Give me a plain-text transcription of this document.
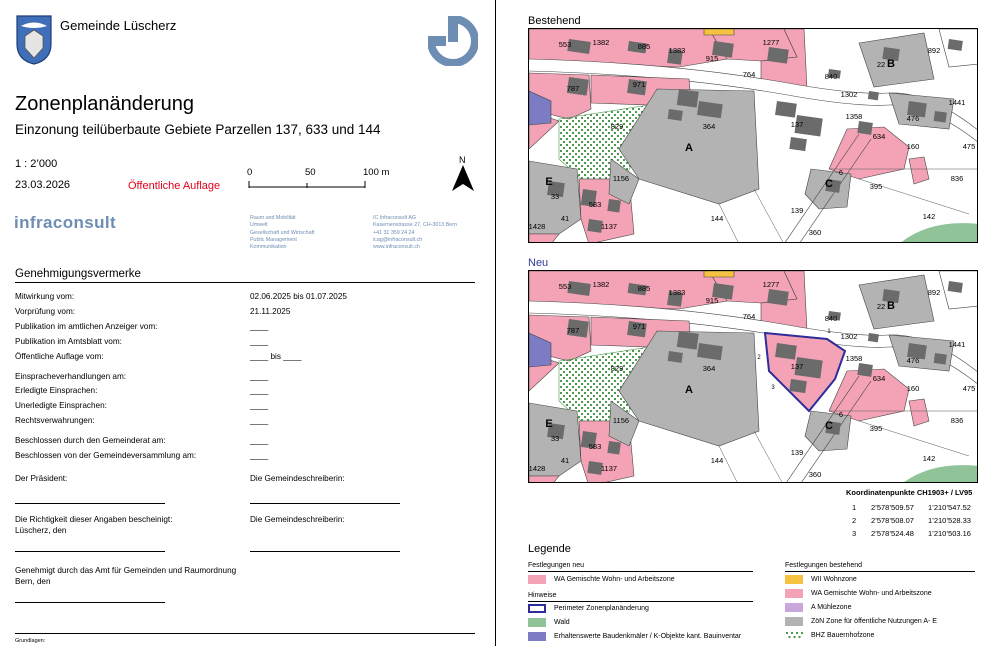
Gemeinde Lüscherz
Zonenplanänderung
Einzonung teilüberbaute Gebiete Parzellen 137, 633 und 144
1 : 2’000
23.03.2026	Öffentliche Auflage
0	50	100 m
N
infraconsult	Raum und Mobilität
Umwelt
Gesellschaft und Wirtschaft
Public Management
Kommunikation
IC Infraconsult AG
Kasernenstrasse 27, CH-3013 Bern
+41 31 359 24 24
icag@infraconsult.ch
www.infraconsult.ch
Genehmigungsvermerke
Mitwirkung vom:	02.06.2025 bis 01.07.2025
Vorprüfung vom:	21.11.2025
Publikation im amtlichen Anzeiger vom:	____
Publikation im Amtsblatt vom:	____
Öffentliche Auflage vom:	____ bis ____
Einspracheverhandlungen am:	____
Erledigte Einsprachen:	____
Unerledigte Einsprachen:	____
Rechtsverwahrungen:	____
Beschlossen durch den Gemeinderat am:	____
Beschlossen von der Gemeindeversammlung am:	____
Der Präsident:	Die Gemeindeschreiberin:
Die Richtigkeit dieser Angaben bescheinigt:
Lüscherz, den
Die Gemeindeschreiberin:
Genehmigt durch das Amt für Gemeinden und Raumordnung
Bern, den
Grundlagen:
Bestehend
553	1382	885 1383
915
1277
764	840
892
22
787	971
1302
1441
476
829	364	137
634
160	475
836
395
6
144	142
139
360
1156
33
41
583
1137
1428
1358
A
B
C
E
Neu
2
3
1
553	1382	885 1383
915
1277
764	840
892
22
787	971
1302
1441
476
829	364	137
634
160	475
836
395
6
144	142
139
360
1156
33
41
583
1137
1428
1358
A
B
C
E
Koordinatenpunkte CH1903+ / LV95
1 2’578’509.57 1’210’547.52
2 2’578’508.07 1’210’528.33
3 2’578’524.48 1’210’503.16
Legende
Festlegungen neu
WA Gemischte Wohn- und Arbeitszone
Hinweise
Perimeter Zonenplanänderung
Wald
Erhaltenswerte Baudenkmäler / K-Objekte kant. Bauinventar
Festlegungen bestehend
WII Wohnzone
WA Gemischte Wohn- und Arbeitszone
A Mühlezone
ZöN Zone für öffentliche Nutzungen A- E
BHZ Bauernhofzone
